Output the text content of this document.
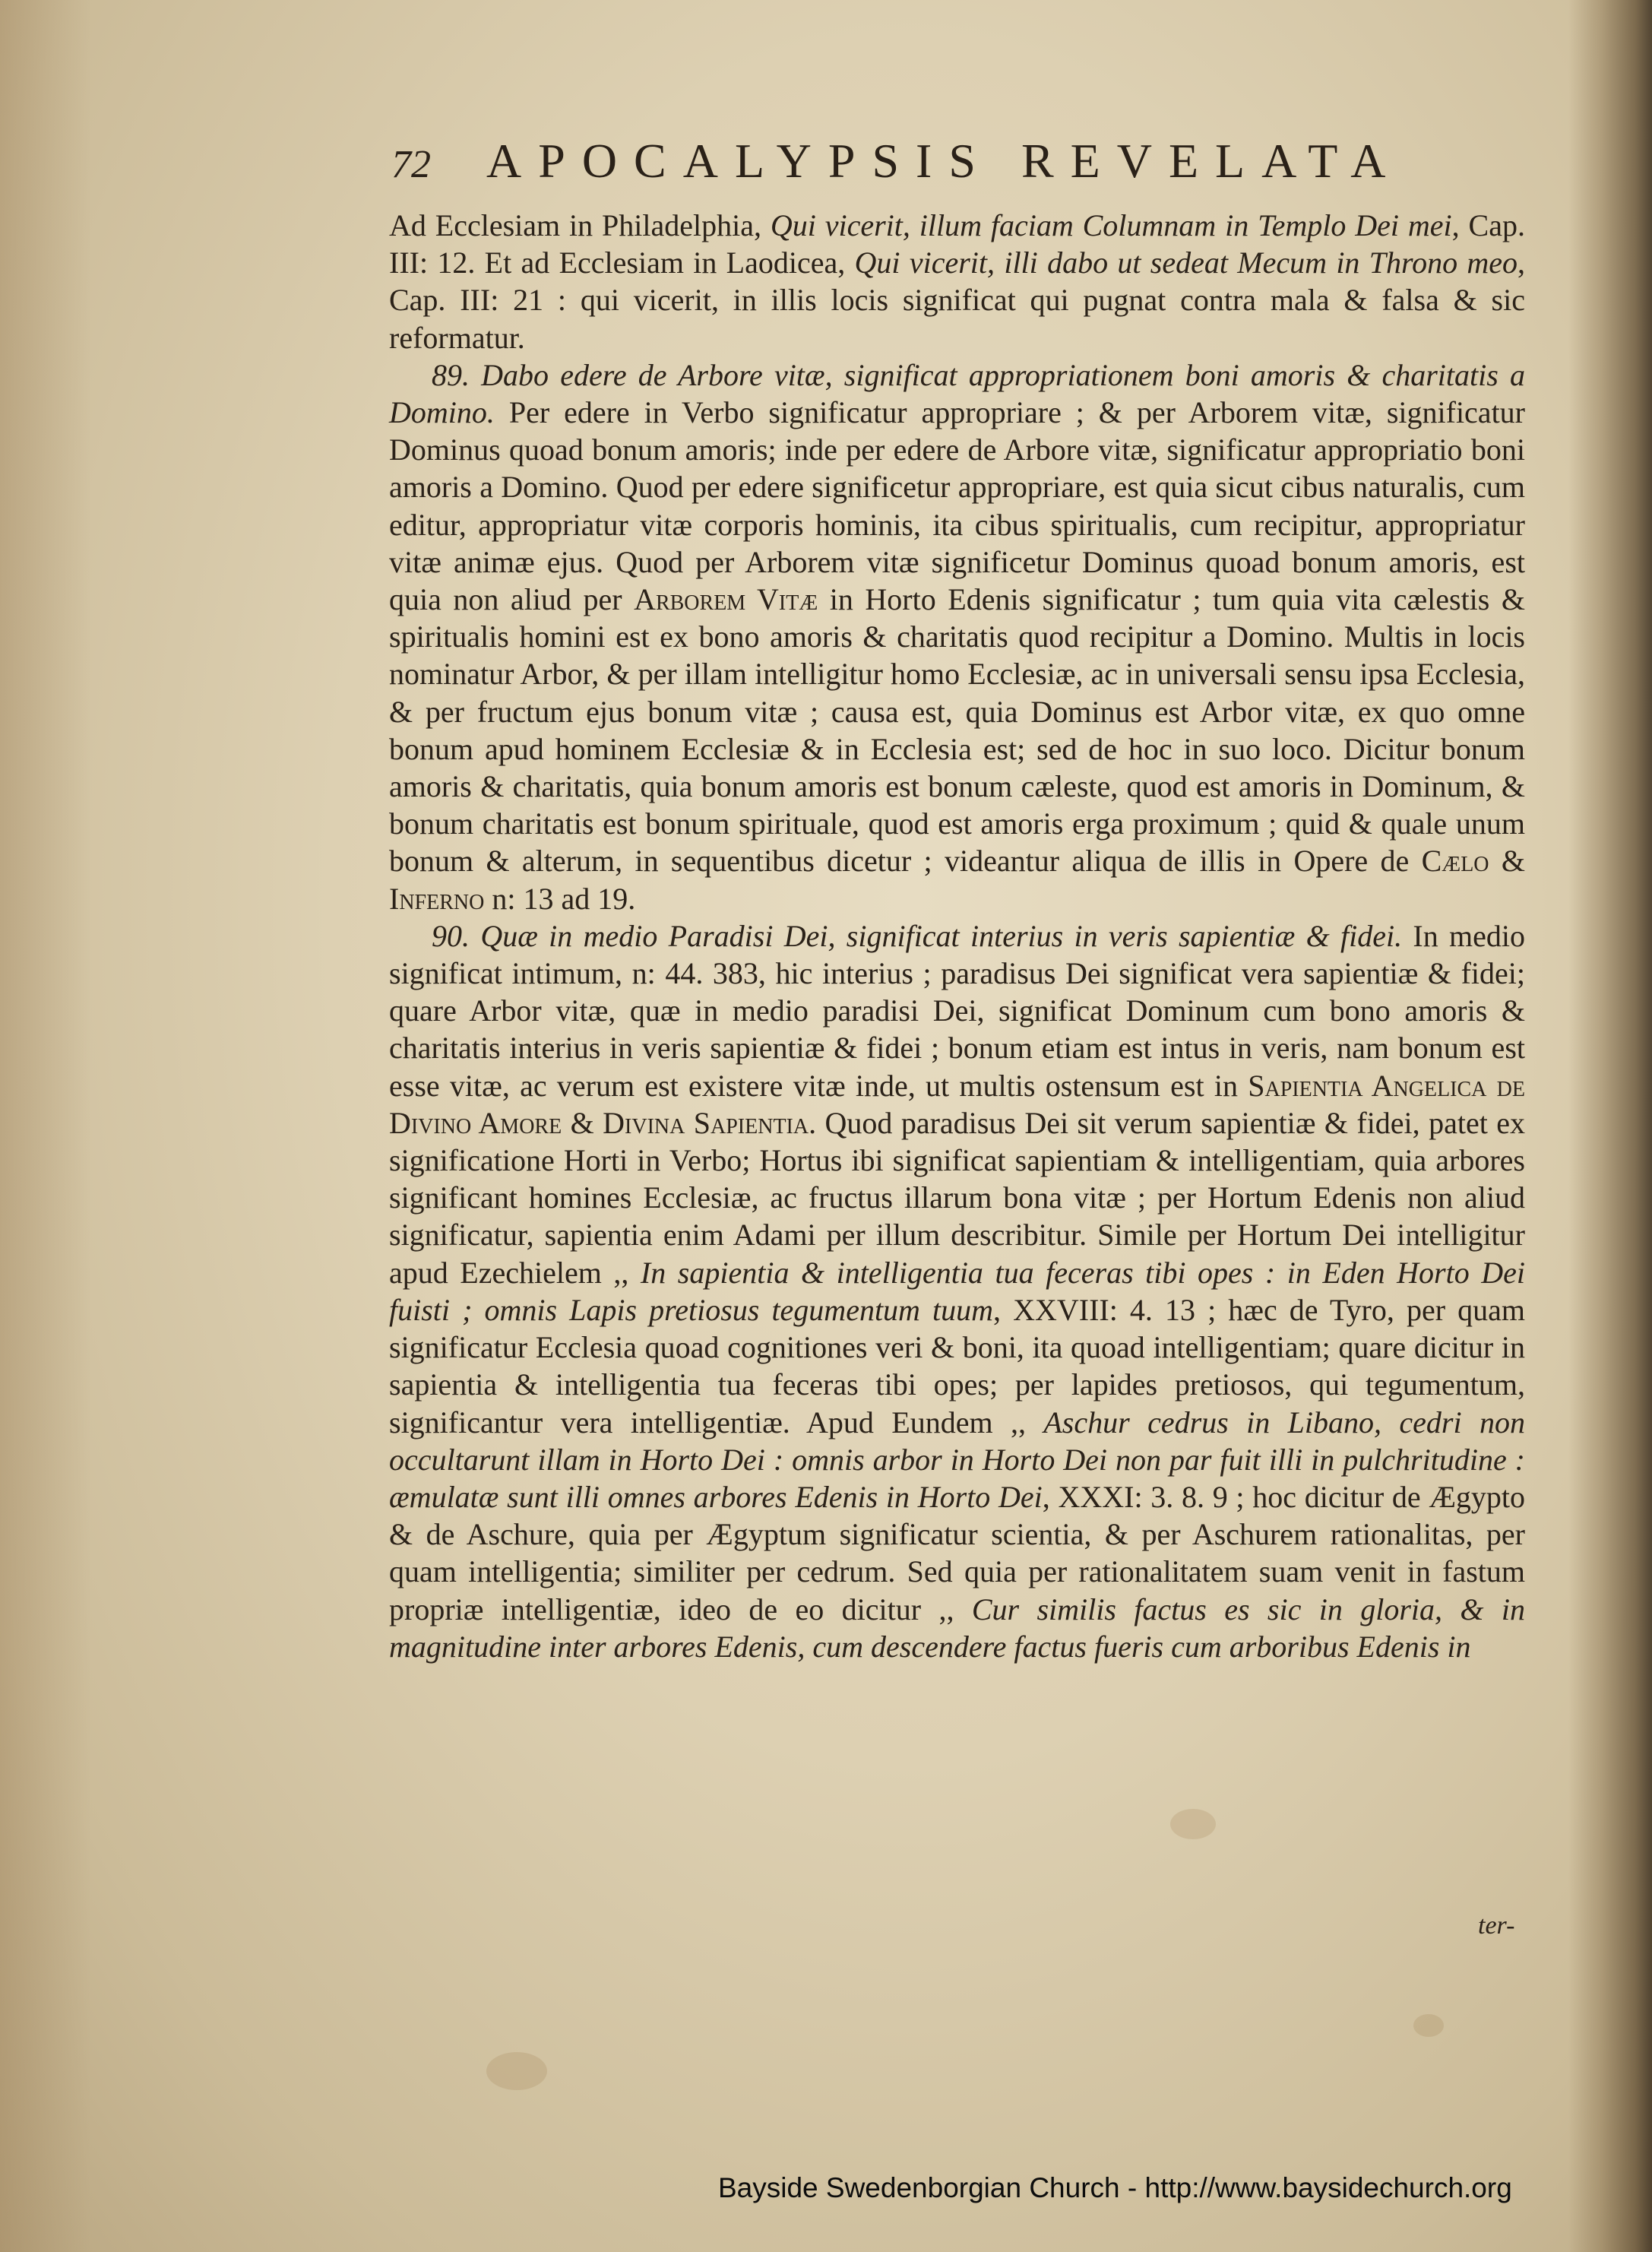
72 APOCALYPSIS REVELATA

Ad Ecclesiam in Philadelphia, Qui vicerit, illum faciam Columnam in Templo Dei mei, Cap. III: 12. Et ad Ecclesiam in Laodicea, Qui vicerit, illi dabo ut sedeat Mecum in Throno meo, Cap. III: 21 : qui vicerit, in illis locis significat qui pugnat contra mala & falsa & sic reformatur.

89. Dabo edere de Arbore vitæ, significat appropriationem boni amoris & charitatis a Domino. Per edere in Verbo significatur appropriare ; & per Arborem vitæ, significatur Dominus quoad bonum amoris; inde per edere de Arbore vitæ, significatur appropriatio boni amoris a Domino. Quod per edere significetur appropriare, est quia sicut cibus naturalis, cum editur, appropriatur vitæ corporis hominis, ita cibus spiritualis, cum recipitur, appropriatur vitæ animæ ejus. Quod per Arborem vitæ significetur Dominus quoad bonum amoris, est quia non aliud per Arborem Vitæ in Horto Edenis significatur ; tum quia vita cælestis & spiritualis homini est ex bono amoris & charitatis quod recipitur a Domino. Multis in locis nominatur Arbor, & per illam intelligitur homo Ecclesiæ, ac in universali sensu ipsa Ecclesia, & per fructum ejus bonum vitæ ; causa est, quia Dominus est Arbor vitæ, ex quo omne bonum apud hominem Ecclesiæ & in Ecclesia est; sed de hoc in suo loco. Dicitur bonum amoris & charitatis, quia bonum amoris est bonum cæleste, quod est amoris in Dominum, & bonum charitatis est bonum spirituale, quod est amoris erga proximum ; quid & quale unum bonum & alterum, in sequentibus dicetur ; videantur aliqua de illis in Opere de Cælo & Inferno n: 13 ad 19.

90. Quæ in medio Paradisi Dei, significat interius in veris sapientiæ & fidei. In medio significat intimum, n: 44. 383, hic interius ; paradisus Dei significat vera sapientiæ & fidei; quare Arbor vitæ, quæ in medio paradisi Dei, significat Dominum cum bono amoris & charitatis interius in veris sapientiæ & fidei ; bonum etiam est intus in veris, nam bonum est esse vitæ, ac verum est existere vitæ inde, ut multis ostensum est in Sapientia Angelica de Divino Amore & Divina Sapientia. Quod paradisus Dei sit verum sapientiæ & fidei, patet ex significatione Horti in Verbo; Hortus ibi significat sapientiam & intelligentiam, quia arbores significant homines Ecclesiæ, ac fructus illarum bona vitæ ; per Hortum Edenis non aliud significatur, sapientia enim Adami per illum describitur. Simile per Hortum Dei intelligitur apud Ezechielem ,, In sapientia & intelligentia tua feceras tibi opes : in Eden Horto Dei fuisti ; omnis Lapis pretiosus tegumentum tuum, XXVIII: 4. 13 ; hæc de Tyro, per quam significatur Ecclesia quoad cognitiones veri & boni, ita quoad intelligentiam; quare dicitur in sapientia & intelligentia tua feceras tibi opes; per lapides pretiosos, qui tegumentum, significantur vera intelligentiæ. Apud Eundem ,, Aschur cedrus in Libano, cedri non occultarunt illam in Horto Dei : omnis arbor in Horto Dei non par fuit illi in pulchritudine : æmulatæ sunt illi omnes arbores Edenis in Horto Dei, XXXI: 3. 8. 9 ; hoc dicitur de Ægypto & de Aschure, quia per Ægyptum significatur scientia, & per Aschurem rationalitas, per quam intelligentia; similiter per cedrum. Sed quia per rationalitatem suam venit in fastum propriæ intelligentiæ, ideo de eo dicitur ,, Cur similis factus es sic in gloria, & in magnitudine inter arbores Edenis, cum descendere factus fueris cum arboribus Edenis in

ter-
Bayside Swedenborgian Church - http://www.baysidechurch.org
